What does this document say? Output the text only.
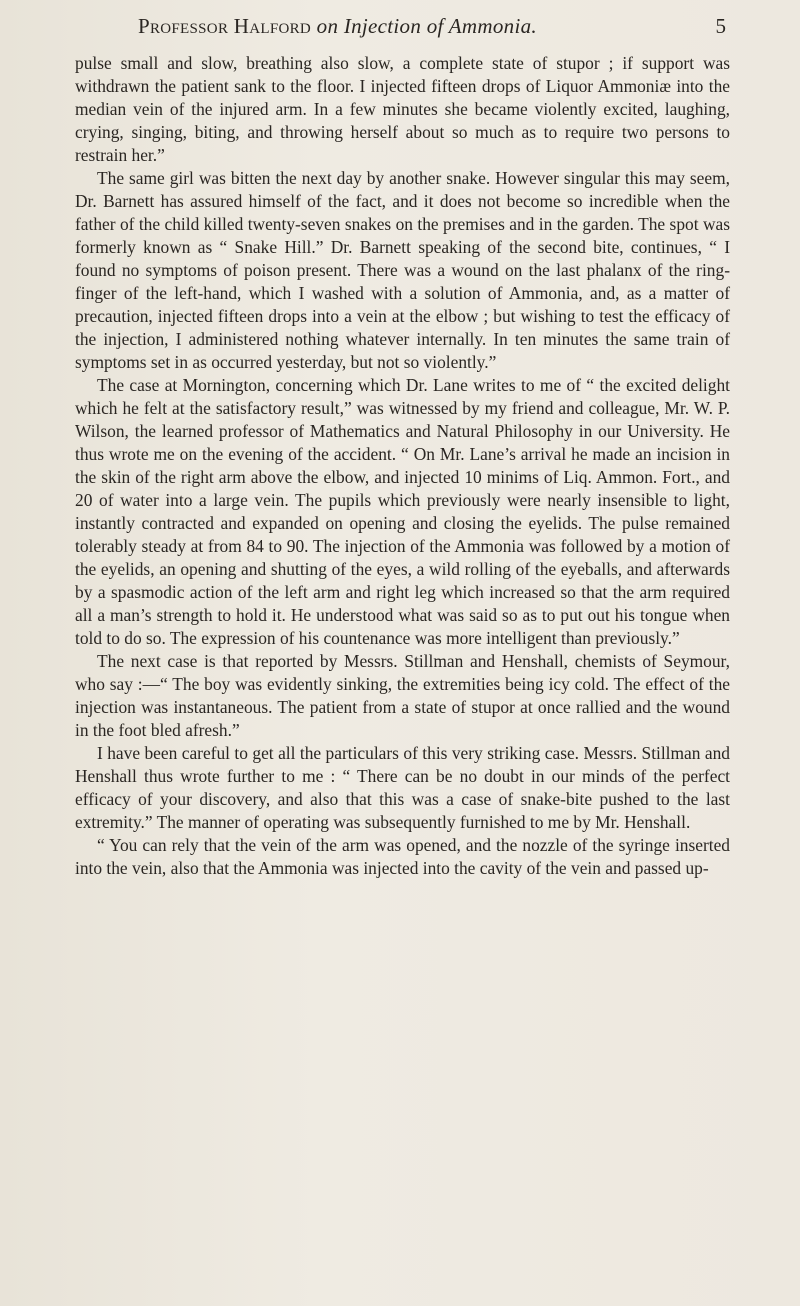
Professor Halford on Injection of Ammonia.	5

pulse small and slow, breathing also slow, a complete state of stupor ; if support was withdrawn the patient sank to the floor. I injected fifteen drops of Liquor Ammoniæ into the median vein of the injured arm. In a few minutes she became violently excited, laughing, crying, singing, biting, and throwing herself about so much as to require two persons to restrain her.”

The same girl was bitten the next day by another snake. However singular this may seem, Dr. Barnett has assured himself of the fact, and it does not become so incredible when the father of the child killed twenty-seven snakes on the premises and in the garden. The spot was formerly known as “ Snake Hill.” Dr. Barnett speaking of the second bite, continues, “ I found no symptoms of poison present. There was a wound on the last phalanx of the ring-finger of the left-hand, which I washed with a solution of Ammonia, and, as a matter of precaution, injected fifteen drops into a vein at the elbow ; but wishing to test the efficacy of the injection, I administered nothing whatever internally. In ten minutes the same train of symptoms set in as occurred yesterday, but not so violently.”

The case at Mornington, concerning which Dr. Lane writes to me of “ the excited delight which he felt at the satisfactory result,” was witnessed by my friend and colleague, Mr. W. P. Wilson, the learned professor of Mathematics and Natural Philosophy in our University. He thus wrote me on the evening of the accident. “ On Mr. Lane’s arrival he made an incision in the skin of the right arm above the elbow, and injected 10 minims of Liq. Ammon. Fort., and 20 of water into a large vein. The pupils which previously were nearly insensible to light, instantly contracted and expanded on opening and closing the eyelids. The pulse remained tolerably steady at from 84 to 90. The injection of the Ammonia was followed by a motion of the eyelids, an opening and shutting of the eyes, a wild rolling of the eyeballs, and afterwards by a spasmodic action of the left arm and right leg which increased so that the arm required all a man’s strength to hold it. He understood what was said so as to put out his tongue when told to do so. The expression of his countenance was more intelligent than previously.”

The next case is that reported by Messrs. Stillman and Henshall, chemists of Seymour, who say :—“ The boy was evidently sinking, the extremities being icy cold. The effect of the injection was instantaneous. The patient from a state of stupor at once rallied and the wound in the foot bled afresh.”

I have been careful to get all the particulars of this very striking case. Messrs. Stillman and Henshall thus wrote further to me : “ There can be no doubt in our minds of the perfect efficacy of your discovery, and also that this was a case of snake-bite pushed to the last extremity.” The manner of operating was subsequently furnished to me by Mr. Henshall.

“ You can rely that the vein of the arm was opened, and the nozzle of the syringe inserted into the vein, also that the Ammonia was injected into the cavity of the vein and passed up-
